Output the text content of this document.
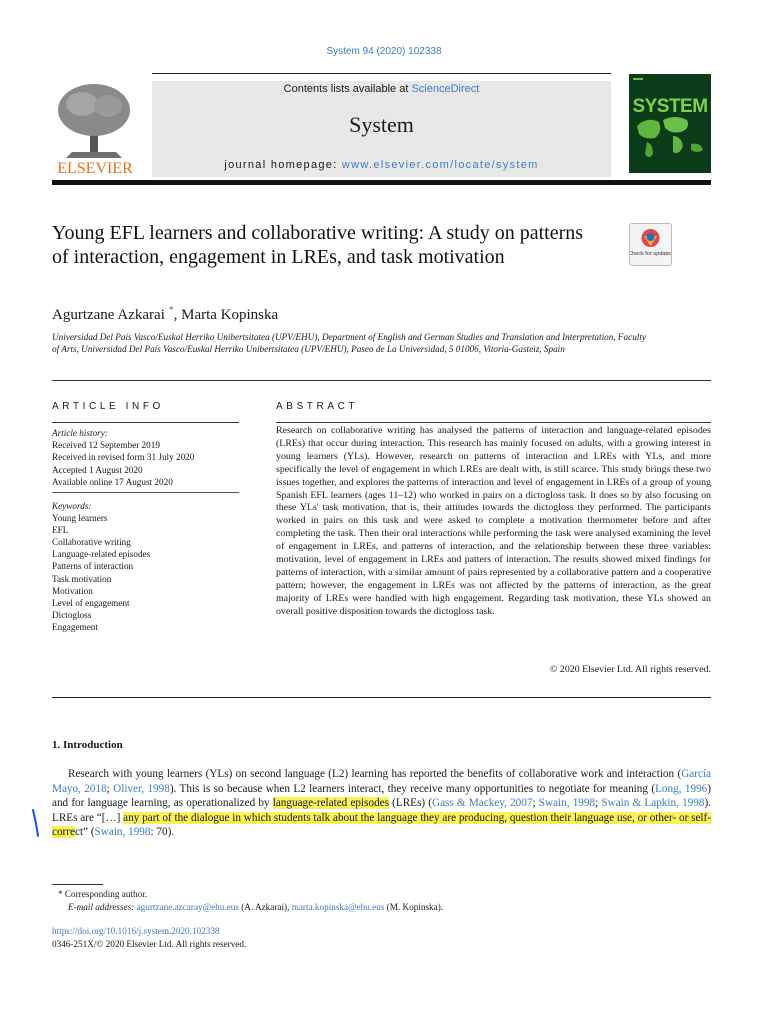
System 94 (2020) 102338
ELSEVIER
Contents lists available at ScienceDirect
System
journal homepage: www.elsevier.com/locate/system
SYSTEM
Young EFL learners and collaborative writing: A study on patterns of interaction, engagement in LREs, and task motivation	Check for updates
Agurtzane Azkarai *, Marta Kopinska
Universidad Del País Vasco/Euskal Herriko Unibertsitatea (UPV/EHU), Department of English and German Studies and Translation and Interpretation, Faculty of Arts, Universidad Del País Vasco/Euskal Herriko Unibertsitatea (UPV/EHU), Paseo de La Universidad, 5 01006, Vitoria-Gasteiz, Spain
ARTICLE INFO	ABSTRACT
Article history:
Received 12 September 2019
Received in revised form 31 July 2020
Accepted 1 August 2020
Available online 17 August 2020
Keywords:
Young learners
EFL
Collaborative writing
Language-related episodes
Patterns of interaction
Task motivation
Motivation
Level of engagement
Dictogloss
Engagement
Research on collaborative writing has analysed the patterns of interaction and language-related episodes (LREs) that occur during interaction. This research has mainly focused on adults, with a growing interest in young learners (YLs). However, research on patterns of interaction and LREs with YLs, and more specifically the level of engagement in which LREs are dealt with, is still scarce. This study brings these two issues together, and explores the patterns of interaction and level of engagement in LREs of a group of young Spanish EFL learners (ages 11‒12) who worked in pairs on a dictogloss task. It does so by also focusing on these YLs' task motivation, that is, their attitudes towards the dictogloss they performed. The participants worked in pairs on this task and were asked to complete a motivation thermometer before and after completing the task. Then their oral interactions while performing the task were analysed examining the level of engagement in LREs, and patterns of interaction, and the relationship between these three variables: motivation, level of engagement in LREs and patters of interaction. The results showed mixed findings for patterns of interaction, with a similar amount of pairs represented by a collaborative pattern and a cooperative pattern; however, the engagement in LREs was not affected by the patterns of interaction, as the great majority of LREs were handled with high engagement. Regarding task motivation, these YLs showed an overall positive disposition towards the dictogloss task.
© 2020 Elsevier Ltd. All rights reserved.
1. Introduction
Research with young learners (YLs) on second language (L2) learning has reported the benefits of collaborative work and interaction (García Mayo, 2018; Oliver, 1998). This is so because when L2 learners interact, they receive many opportunities to negotiate for meaning (Long, 1996) and for language learning, as operationalized by language-related episodes (LREs) (Gass & Mackey, 2007; Swain, 1998; Swain & Lapkin, 1998). LREs are “[…] any part of the dialogue in which students talk about the language they are producing, question their language use, or other- or self-correct” (Swain, 1998: 70).
* Corresponding author.
E-mail addresses: agurtzane.azcaray@ehu.eus (A. Azkarai), marta.kopinska@ehu.eus (M. Kopinska).
https://doi.org/10.1016/j.system.2020.102338
0346-251X/© 2020 Elsevier Ltd. All rights reserved.
